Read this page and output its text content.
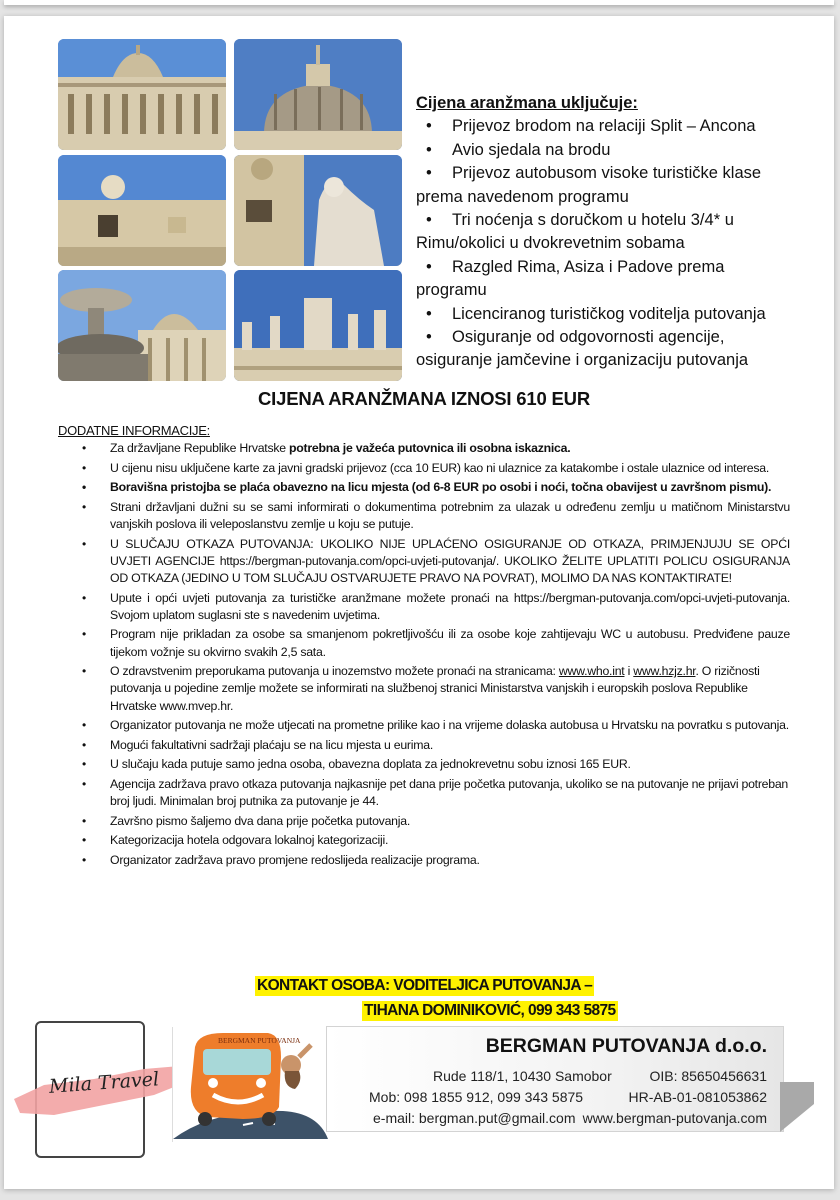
Cijena aranžmana uključuje:
• Prijevoz brodom na relaciji Split – Ancona
• Avio sjedala na brodu
• Prijevoz autobusom visoke turističke klase
prema navedenom programu
• Tri noćenja s doručkom u hotelu 3/4* u
Rimu/okolici u dvokrevetnim sobama
• Razgled Rima, Asiza i Padove prema
programu
• Licenciranog turističkog voditelja putovanja
• Osiguranje od odgovornosti agencije,
osiguranje jamčevine i organizaciju putovanja
CIJENA ARANŽMANA IZNOSI 610 EUR
DODATNE INFORMACIJE:
• Za državljane Republike Hrvatske potrebna je važeća putovnica ili osobna iskaznica.
• U cijenu nisu uključene karte za javni gradski prijevoz (cca 10 EUR) kao ni ulaznice za katakombe i ostale ulaznice od interesa.
• Boravišna pristojba se plaća obavezno na licu mjesta (od 6-8 EUR po osobi i noći, točna obavijest u završnom pismu).
• Strani državljani dužni su se sami informirati o dokumentima potrebnim za ulazak u određenu zemlju u matičnom Ministarstvu vanjskih poslova ili veleposlanstvu zemlje u koju se putuje.
• U SLUČAJU OTKAZA PUTOVANJA: UKOLIKO NIJE UPLAĆENO OSIGURANJE OD OTKAZA, PRIMJENJUJU SE OPĆI UVJETI AGENCIJE https://bergman-putovanja.com/opci-uvjeti-putovanja/. UKOLIKO ŽELITE UPLATITI POLICU OSIGURANJA OD OTKAZA (JEDINO U TOM SLUČAJU OSTVARUJETE PRAVO NA POVRAT), MOLIMO DA NAS KONTAKTIRATE!
• Upute i opći uvjeti putovanja za turističke aranžmane možete pronaći na https://bergman-putovanja.com/opci-uvjeti-putovanja. Svojom uplatom suglasni ste s navedenim uvjetima.
• Program nije prikladan za osobe sa smanjenom pokretljivošću ili za osobe koje zahtijevaju WC u autobusu. Predviđene pauze tijekom vožnje su okvirno svakih 2,5 sata.
• O zdravstvenim preporukama putovanja u inozemstvo možete pronaći na stranicama: www.who.int i www.hzjz.hr. O rizičnosti putovanja u pojedine zemlje možete se informirati na službenoj stranici Ministarstva vanjskih i europskih poslova Republike Hrvatske www.mvep.hr.
• Organizator putovanja ne može utjecati na prometne prilike kao i na vrijeme dolaska autobusa u Hrvatsku na povratku s putovanja.
• Mogući fakultativni sadržaji plaćaju se na licu mjesta u eurima.
• U slučaju kada putuje samo jedna osoba, obavezna doplata za jednokrevetnu sobu iznosi 165 EUR.
• Agencija zadržava pravo otkaza putovanja najkasnije pet dana prije početka putovanja, ukoliko se na putovanje ne prijavi potreban broj ljudi. Minimalan broj putnika za putovanje je 44.
• Završno pismo šaljemo dva dana prije početka putovanja.
• Kategorizacija hotela odgovara lokalnoj kategorizaciji.
• Organizator zadržava pravo promjene redoslijeda realizacije programa.
KONTAKT OSOBA: VODITELJICA PUTOVANJA –
TIHANA DOMINIKOVIĆ, 099 343 5875
Mila Travel
BERGMAN PUTOVANJA	BERGMAN PUTOVANJA d.o.o.
Rude 118/1, 10430 Samobor	OIB: 85650456631
Mob: 098 1855 912, 099 343 5875	HR-AB-01-081053862
e-mail: bergman.put@gmail.com www.bergman-putovanja.com
